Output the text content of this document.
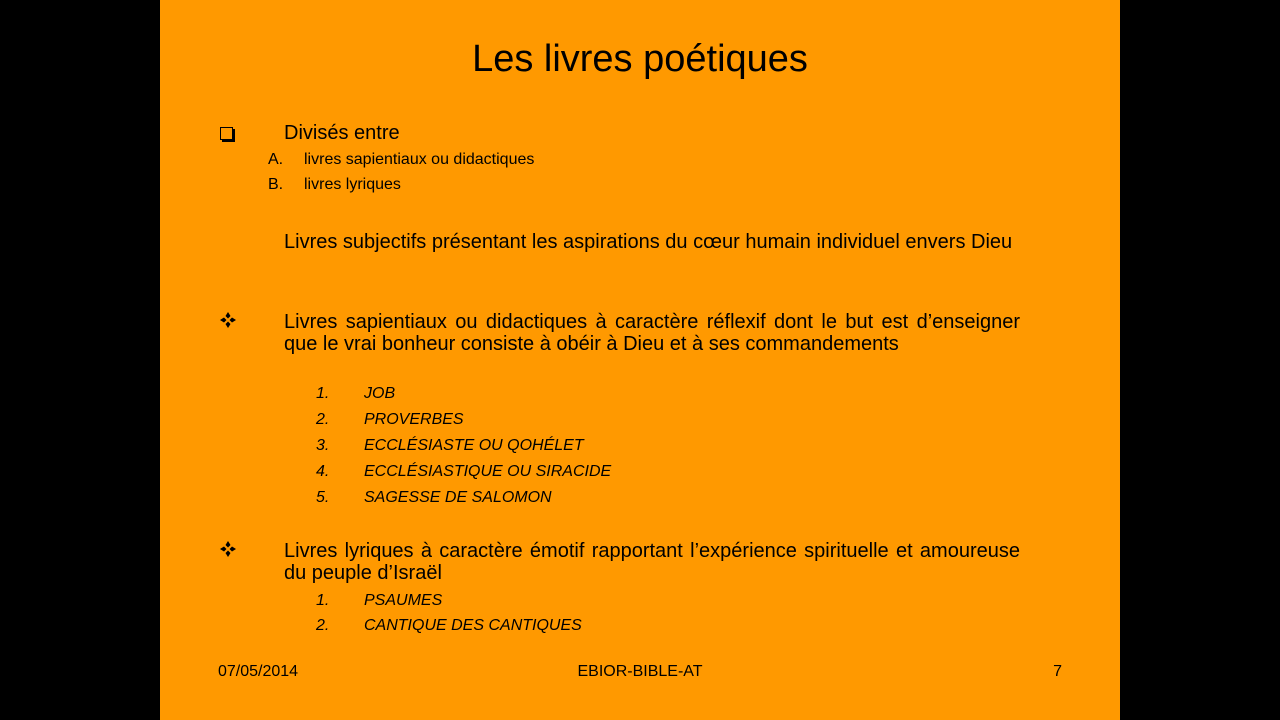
Les livres poétiques
Divisés entre
A. livres sapientiaux ou didactiques
B. livres lyriques
Livres subjectifs présentant les aspirations du cœur humain individuel envers Dieu
Livres sapientiaux ou didactiques à caractère réflexif dont le but est d’enseigner que le vrai bonheur consiste à obéir à Dieu et à ses commandements
1. JOB
2. PROVERBES
3. ECCLÉSIASTE OU QOHÉLET
4. ECCLÉSIASTIQUE OU SIRACIDE
5. SAGESSE DE SALOMON
Livres lyriques à caractère émotif rapportant l’expérience spirituelle et amoureuse du peuple d’Israël
1. PSAUMES
2. CANTIQUE DES CANTIQUES
07/05/2014	EBIOR-BIBLE-AT	7
